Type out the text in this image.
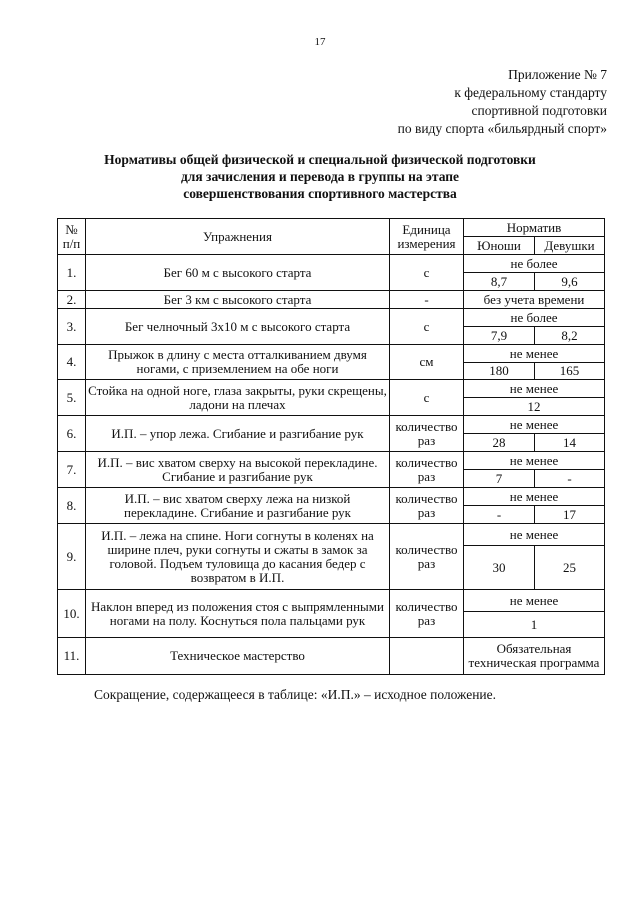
17
Приложение № 7
к федеральному стандарту
спортивной подготовки
по виду спорта «бильярдный спорт»
Нормативы общей физической и специальной физической подготовки
для зачисления и перевода в группы на этапе
совершенствования спортивного мастерства
№ п/п	Упражнения	Единица измерения	Норматив	
			Юноши	Девушки
1.	Бег 60 м с высокого старта	с	не более	
			8,7	9,6
2.	Бег 3 км с высокого старта	-	без учета времени	
3.	Бег челночный 3x10 м с высокого старта	с	не более	
			7,9	8,2
4.	Прыжок в длину с места отталкиванием двумя ногами, с приземлением на обе ноги	см	не менее	
			180	165
5.	Стойка на одной ноге, глаза закрыты, руки скрещены, ладони на плечах	с	не менее	
			12	
6.	И.П. – упор лежа. Сгибание и разгибание рук	количество раз	не менее	
			28	14
7.	И.П. – вис хватом сверху на высокой перекладине. Сгибание и разгибание рук	количество раз	не менее	
			7	-
8.	И.П. – вис хватом сверху лежа на низкой перекладине. Сгибание и разгибание рук	количество раз	не менее	
			-	17
9.	И.П. – лежа на спине. Ноги согнуты в коленях на ширине плеч, руки согнуты и сжаты в замок за головой. Подъем туловища до касания бедер с возвратом в И.П.	количество раз	не менее	
			30	25
10.	Наклон вперед из положения стоя с выпрямленными ногами на полу. Коснуться пола пальцами рук	количество раз	не менее	
			1	
11.	Техническое мастерство		Обязательная техническая программа	
Сокращение, содержащееся в таблице: «И.П.» – исходное положение.
